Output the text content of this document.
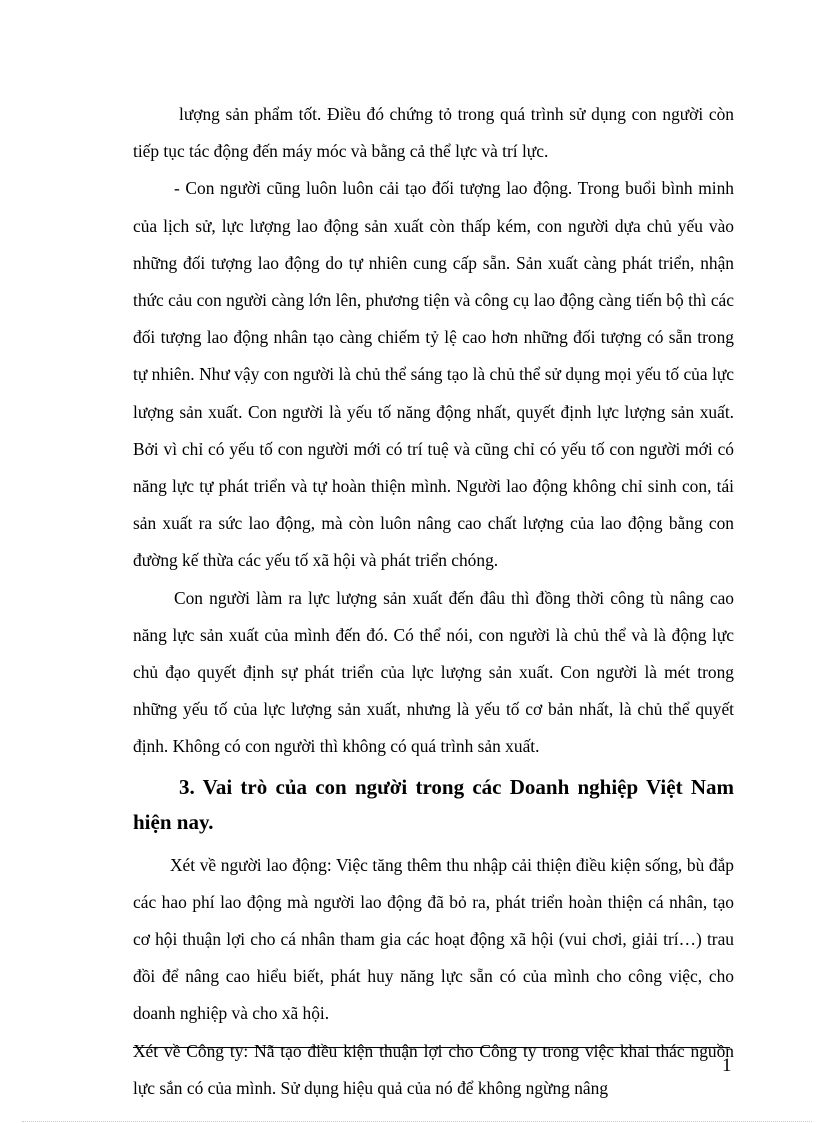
lượng sản phẩm tốt. Điều đó chứng tỏ trong quá trình sử dụng con người còn tiếp tục tác động đến máy móc và bằng cả thể lực và trí lực.

- Con người cũng luôn luôn cải tạo đối tượng lao động. Trong buổi bình minh của lịch sử, lực lượng lao động sản xuất còn thấp kém, con người dựa chủ yếu vào những đối tượng lao động do tự nhiên cung cấp sẵn. Sản xuất càng phát triển, nhận thức cảu con người càng lớn lên, phương tiện và công cụ lao động càng tiến bộ thì các đối tượng lao động nhân tạo càng chiếm tỷ lệ cao hơn những đối tượng có sẵn trong tự nhiên. Như vậy con người là chủ thể sáng tạo là chủ thể sử dụng mọi yếu tố của lực lượng sản xuất. Con người là yếu tố năng động nhất, quyết định lực lượng sản xuất. Bởi vì chỉ có yếu tố con người mới có trí tuệ và cũng chỉ có yếu tố con người mới có năng lực tự phát triển và tự hoàn thiện mình. Người lao động không chỉ sinh con, tái sản xuất ra sức lao động, mà còn luôn nâng cao chất lượng của lao động bằng con đường kế thừa các yếu tố xã hội và phát triển chóng.

Con người làm ra lực lượng sản xuất đến đâu thì đồng thời công tù nâng cao năng lực sản xuất của mình đến đó. Có thể nói, con người là chủ thể và là động lực chủ đạo quyết định sự phát triển của lực lượng sản xuất. Con người là mét trong những yếu tố của lực lượng sản xuất, nhưng là yếu tố cơ bản nhất, là chủ thể quyết định. Không có con người thì không có quá trình sản xuất.

3. Vai trò của con người trong các Doanh nghiệp Việt Nam hiện nay.

Xét về người lao động: Việc tăng thêm thu nhập cải thiện điều kiện sống, bù đắp các hao phí lao động mà người lao động đã bỏ ra, phát triển hoàn thiện cá nhân, tạo cơ hội thuận lợi cho cá nhân tham gia các hoạt động xã hội (vui chơi, giải trí…) trau đồi để nâng cao hiểu biết, phát huy năng lực sẵn có của mình cho công việc, cho doanh nghiệp và cho xã hội.

Xét về Công ty: Nã tạo điều kiện thuận lợi cho Công ty trong việc khai thác nguồn lực sắn có của mình. Sử dụng hiệu quả của nó để không ngừng nâng

1
